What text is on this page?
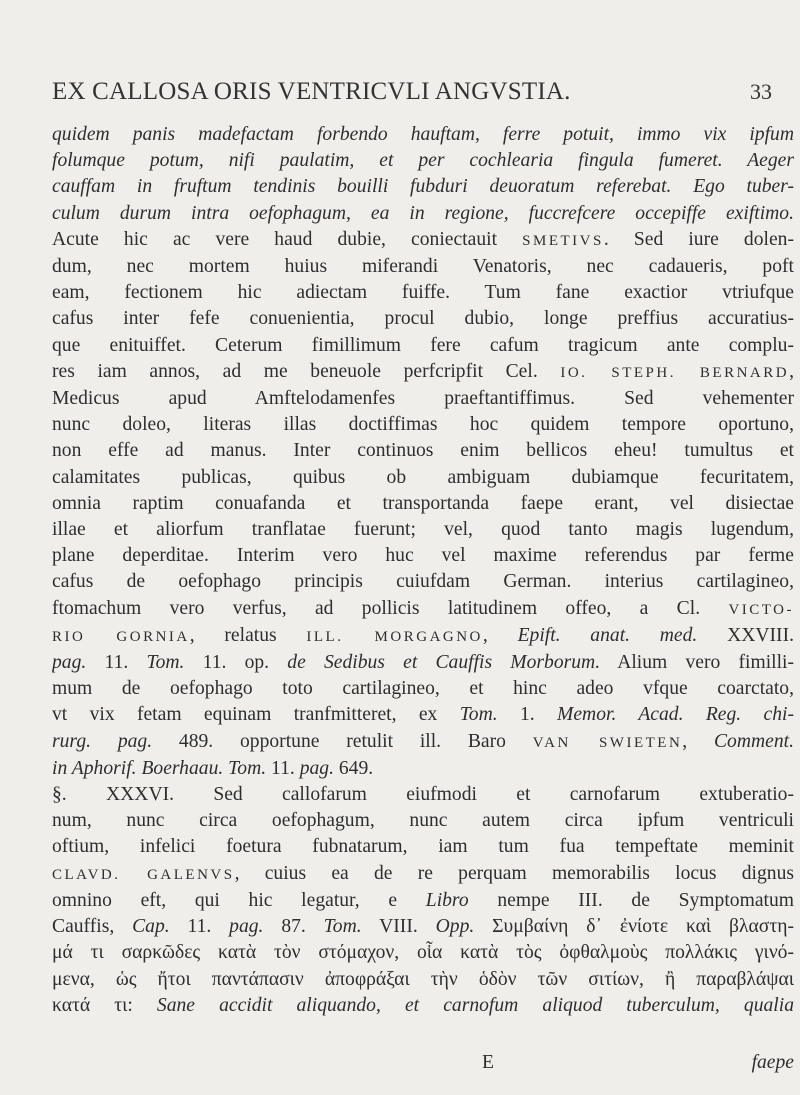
EX CALLOSA ORIS VENTRICVLI ANGVSTIA.	33
quidem panis madefactam forbendo hauftam, ferre potuit, immo vix ipfum
folumque potum, nifi paulatim, et per cochlearia fingula fumeret. Aeger
cauffam in fruftum tendinis bouilli fubduri deuoratum referebat. Ego tuber-
culum durum intra oefophagum, ea in regione, fuccrefcere occepiffe exiftimo.
Acute hic ac vere haud dubie, coniectauit SMETIVS. Sed iure dolen-
dum, nec mortem huius miferandi Venatoris, nec cadaueris, poft
eam, fectionem hic adiectam fuiffe. Tum fane exactior vtriufque
cafus inter fefe conuenientia, procul dubio, longe preffius accuratius-
que enituiffet. Ceterum fimillimum fere cafum tragicum ante complu-
res iam annos, ad me beneuole perfcripfit Cel. IO. STEPH. BERNARD,
Medicus apud Amftelodamenfes praeftantiffimus. Sed vehementer
nunc doleo, literas illas doctiffimas hoc quidem tempore oportuno,
non effe ad manus. Inter continuos enim bellicos eheu! tumultus et
calamitates publicas, quibus ob ambiguam dubiamque fecuritatem,
omnia raptim conuafanda et transportanda faepe erant, vel disiectae
illae et aliorfum tranflatae fuerunt; vel, quod tanto magis lugendum,
plane deperditae. Interim vero huc vel maxime referendus par ferme
cafus de oefophago principis cuiufdam German. interius cartilagineo,
ftomachum vero verfus, ad pollicis latitudinem offeo, a Cl. VICTO-
RIO GORNIA, relatus ILL. MORGAGNO, Epift. anat. med. XXVIII.
pag. 11. Tom. 11. op. de Sedibus et Cauffis Morborum. Alium vero fimilli-
mum de oefophago toto cartilagineo, et hinc adeo vfque coarctato,
vt vix fetam equinam tranfmitteret, ex Tom. 1. Memor. Acad. Reg. chi-
rurg. pag. 489. opportune retulit ill. Baro VAN SWIETEN, Comment.
in Aphorif. Boerhaau. Tom. 11. pag. 649.
§. XXXVI. Sed callofarum eiufmodi et carnofarum extuberatio-
num, nunc circa oefophagum, nunc autem circa ipfum ventriculi
oftium, infelici foetura fubnatarum, iam tum fua tempeftate meminit
CLAVD. GALENVS, cuius ea de re perquam memorabilis locus dignus
omnino eft, qui hic legatur, e Libro nempe III. de Symptomatum
Cauffis, Cap. 11. pag. 87. Tom. VIII. Opp. Συμβαίνη δ᾽ ἐνίοτε καὶ βλαστη-
μά τι σαρκῶδες κατὰ τὸν στόμαχον, οἷα κατὰ τὸς ὀφθαλμοὺς πολλάκις γινό-
μενα, ὡς ἤτοι παντάπασιν ἀποφράξαι τὴν ὁδὸν τῶν σιτίων, ἢ παραβλάψαι
κατά τι: Sane accidit aliquando, et carnofum aliquod tuberculum, qualia
E	faepe
